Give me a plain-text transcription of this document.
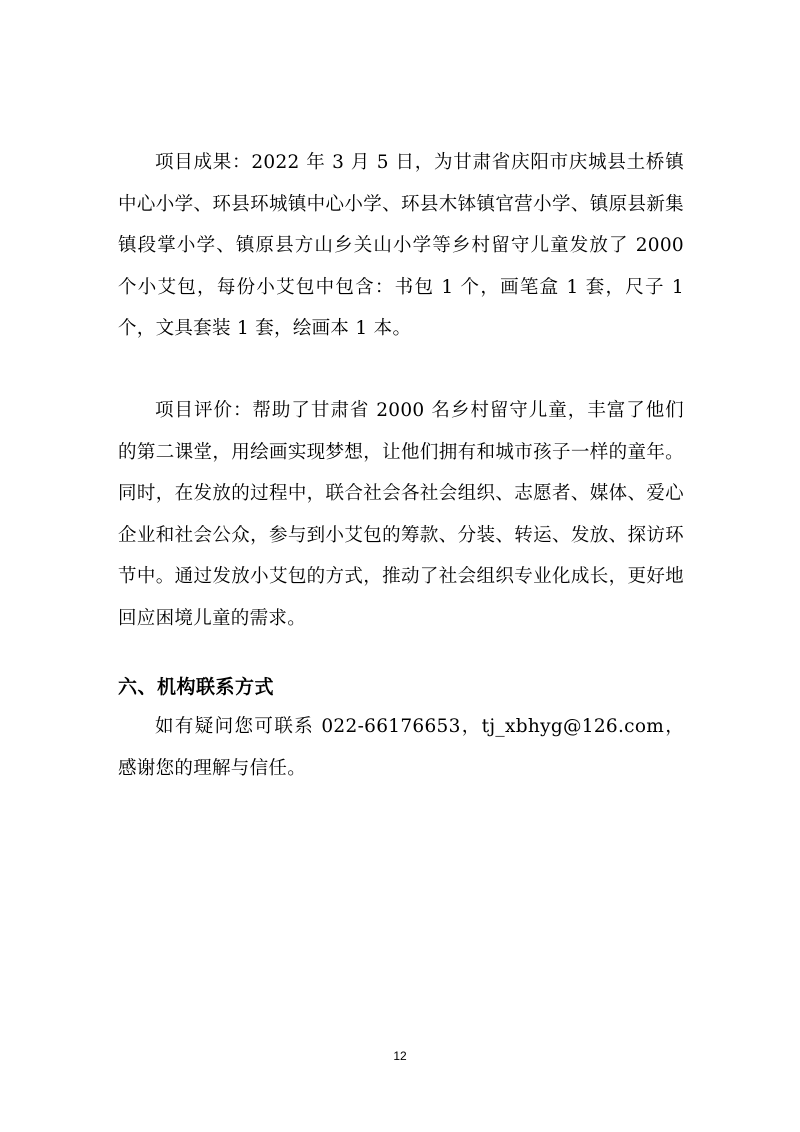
项目成果：2022 年 3 月 5 日，为甘肃省庆阳市庆城县土桥镇中心小学、环县环城镇中心小学、环县木钵镇官营小学、镇原县新集镇段掌小学、镇原县方山乡关山小学等乡村留守儿童发放了 2000 个小艾包，每份小艾包中包含：书包 1 个，画笔盒 1 套，尺子 1 个，文具套装 1 套，绘画本 1 本。

项目评价：帮助了甘肃省 2000 名乡村留守儿童，丰富了他们的第二课堂，用绘画实现梦想，让他们拥有和城市孩子一样的童年。同时，在发放的过程中，联合社会各社会组织、志愿者、媒体、爱心企业和社会公众，参与到小艾包的筹款、分装、转运、发放、探访环节中。通过发放小艾包的方式，推动了社会组织专业化成长，更好地回应困境儿童的需求。

六、机构联系方式

如有疑问您可联系 022-66176653，tj_xbhyg@126.com，感谢您的理解与信任。

12
